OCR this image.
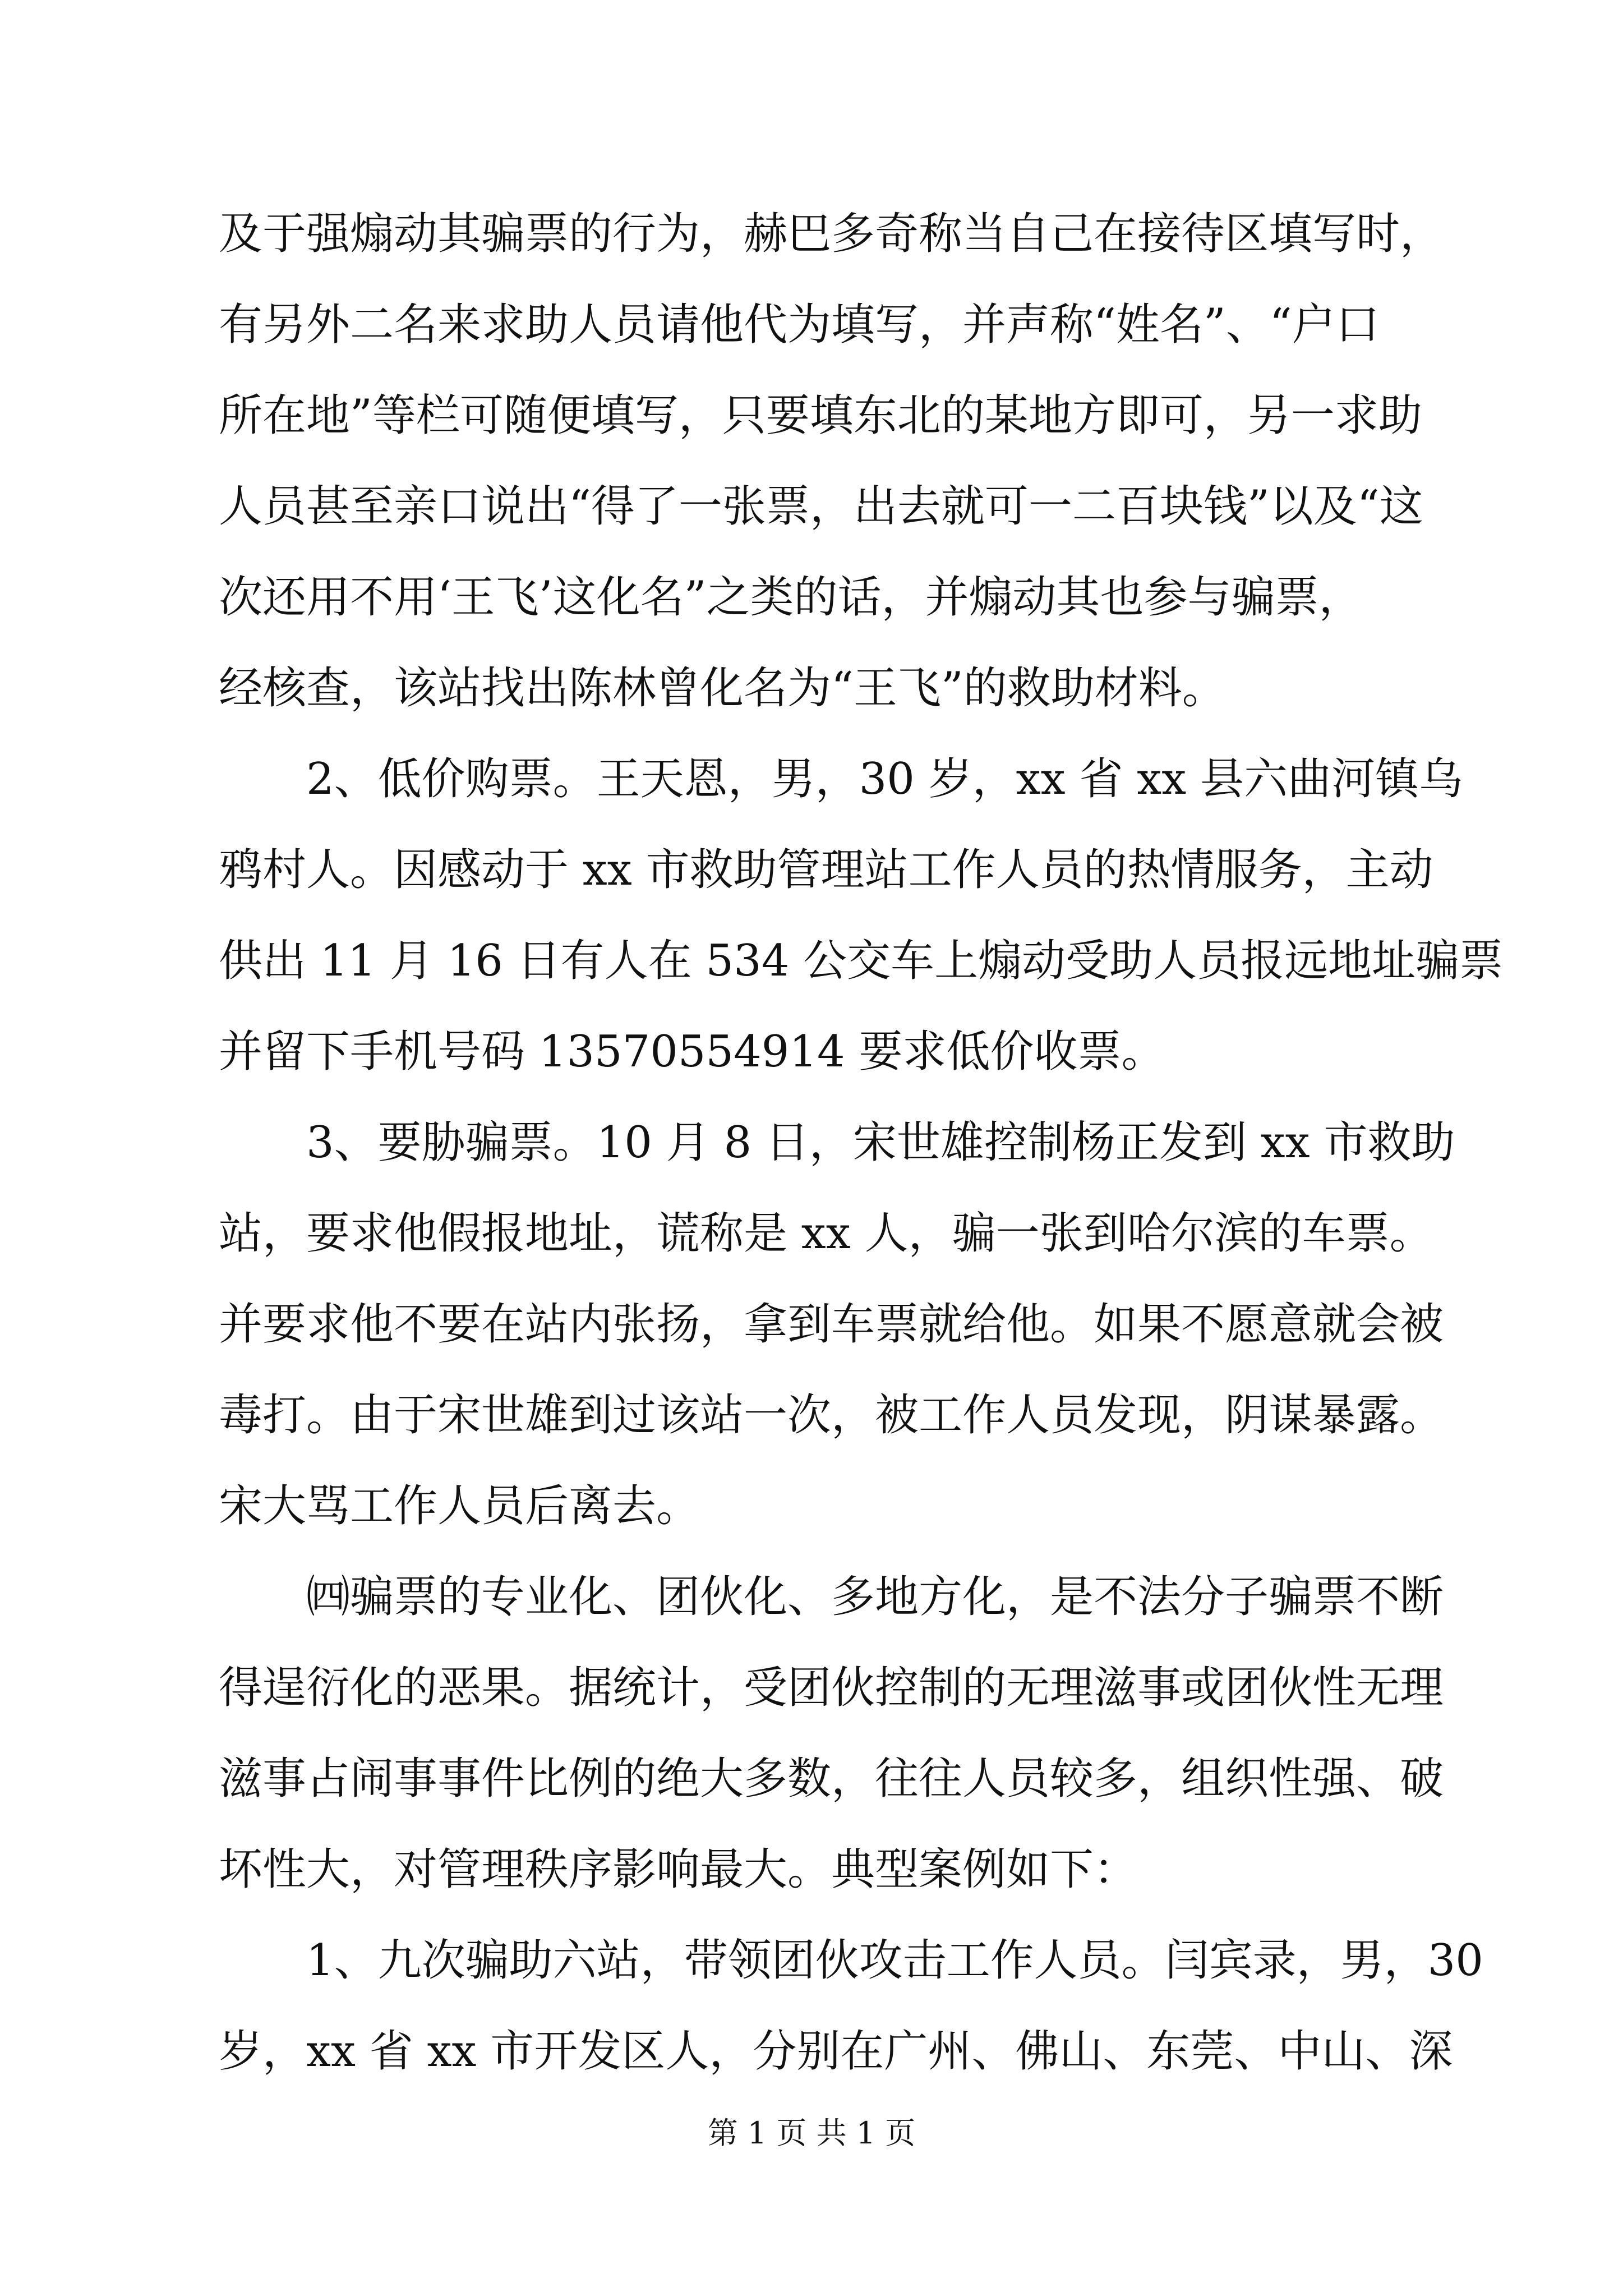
及于强煽动其骗票的行为，赫巴多奇称当自己在接待区填写时，
有另外二名来求助人员请他代为填写，并声称“姓名”、“户口
所在地”等栏可随便填写，只要填东北的某地方即可，另一求助
人员甚至亲口说出“得了一张票，出去就可一二百块钱”以及“这
次还用不用‘王飞’这化名”之类的话，并煽动其也参与骗票，
经核查，该站找出陈林曾化名为“王飞”的救助材料。
2、低价购票。王天恩，男，30 岁，xx 省 xx 县六曲河镇乌
鸦村人。因感动于 xx 市救助管理站工作人员的热情服务，主动
供出 11 月 16 日有人在 534 公交车上煽动受助人员报远地址骗票
并留下手机号码 13570554914 要求低价收票。
3、要胁骗票。10 月 8 日，宋世雄控制杨正发到 xx 市救助
站，要求他假报地址，谎称是 xx 人，骗一张到哈尔滨的车票。
并要求他不要在站内张扬，拿到车票就给他。如果不愿意就会被
毒打。由于宋世雄到过该站一次，被工作人员发现，阴谋暴露。
宋大骂工作人员后离去。
㈣骗票的专业化、团伙化、多地方化，是不法分子骗票不断
得逞衍化的恶果。据统计，受团伙控制的无理滋事或团伙性无理
滋事占闹事事件比例的绝大多数，往往人员较多，组织性强、破
坏性大，对管理秩序影响最大。典型案例如下：
1、九次骗助六站，带领团伙攻击工作人员。闫宾录，男，30
岁，xx 省 xx 市开发区人，分别在广州、佛山、东莞、中山、深
第 1 页 共 1 页
